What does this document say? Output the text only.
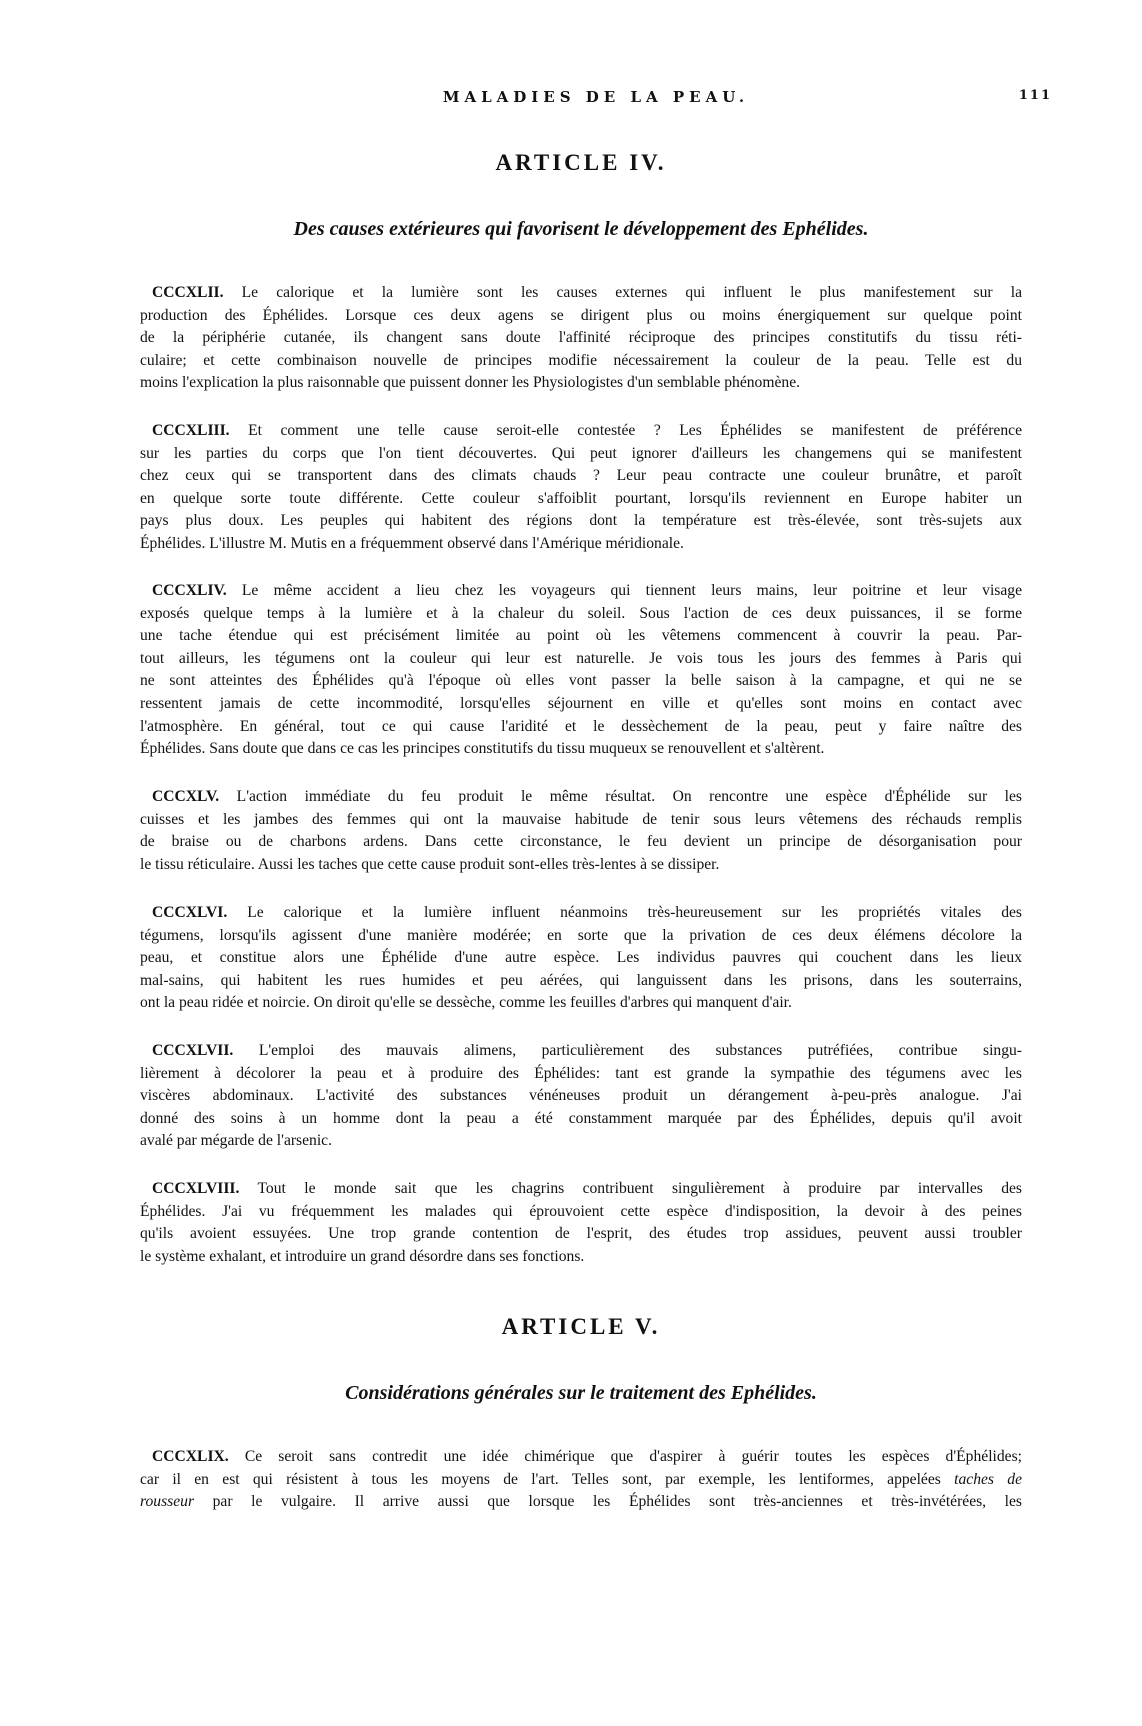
MALADIES DE LA PEAU.	111
ARTICLE IV.
Des causes extérieures qui favorisent le développement des Ephélides.
CCCXLII. Le calorique et la lumière sont les causes externes qui influent le plus manifestement sur la
production des Éphélides. Lorsque ces deux agens se dirigent plus ou moins énergiquement sur quelque point
de la périphérie cutanée, ils changent sans doute l'affinité réciproque des principes constitutifs du tissu réti-
culaire; et cette combinaison nouvelle de principes modifie nécessairement la couleur de la peau. Telle est du
moins l'explication la plus raisonnable que puissent donner les Physiologistes d'un semblable phénomène.
CCCXLIII. Et comment une telle cause seroit-elle contestée ? Les Éphélides se manifestent de préférence
sur les parties du corps que l'on tient découvertes. Qui peut ignorer d'ailleurs les changemens qui se manifestent
chez ceux qui se transportent dans des climats chauds ? Leur peau contracte une couleur brunâtre, et paroît
en quelque sorte toute différente. Cette couleur s'affoiblit pourtant, lorsqu'ils reviennent en Europe habiter un
pays plus doux. Les peuples qui habitent des régions dont la température est très-élevée, sont très-sujets aux
Éphélides. L'illustre M. Mutis en a fréquemment observé dans l'Amérique méridionale.
CCCXLIV. Le même accident a lieu chez les voyageurs qui tiennent leurs mains, leur poitrine et leur visage
exposés quelque temps à la lumière et à la chaleur du soleil. Sous l'action de ces deux puissances, il se forme
une tache étendue qui est précisément limitée au point où les vêtemens commencent à couvrir la peau. Par-
tout ailleurs, les tégumens ont la couleur qui leur est naturelle. Je vois tous les jours des femmes à Paris qui
ne sont atteintes des Éphélides qu'à l'époque où elles vont passer la belle saison à la campagne, et qui ne se
ressentent jamais de cette incommodité, lorsqu'elles séjournent en ville et qu'elles sont moins en contact avec
l'atmosphère. En général, tout ce qui cause l'aridité et le dessèchement de la peau, peut y faire naître des
Éphélides. Sans doute que dans ce cas les principes constitutifs du tissu muqueux se renouvellent et s'altèrent.
CCCXLV. L'action immédiate du feu produit le même résultat. On rencontre une espèce d'Éphélide sur les
cuisses et les jambes des femmes qui ont la mauvaise habitude de tenir sous leurs vêtemens des réchauds remplis
de braise ou de charbons ardens. Dans cette circonstance, le feu devient un principe de désorganisation pour
le tissu réticulaire. Aussi les taches que cette cause produit sont-elles très-lentes à se dissiper.
CCCXLVI. Le calorique et la lumière influent néanmoins très-heureusement sur les propriétés vitales des
tégumens, lorsqu'ils agissent d'une manière modérée; en sorte que la privation de ces deux élémens décolore la
peau, et constitue alors une Éphélide d'une autre espèce. Les individus pauvres qui couchent dans les lieux
mal-sains, qui habitent les rues humides et peu aérées, qui languissent dans les prisons, dans les souterrains,
ont la peau ridée et noircie. On diroit qu'elle se dessèche, comme les feuilles d'arbres qui manquent d'air.
CCCXLVII. L'emploi des mauvais alimens, particulièrement des substances putréfiées, contribue singu-
lièrement à décolorer la peau et à produire des Éphélides: tant est grande la sympathie des tégumens avec les
viscères abdominaux. L'activité des substances vénéneuses produit un dérangement à-peu-près analogue. J'ai
donné des soins à un homme dont la peau a été constamment marquée par des Éphélides, depuis qu'il avoit
avalé par mégarde de l'arsenic.
CCCXLVIII. Tout le monde sait que les chagrins contribuent singulièrement à produire par intervalles des
Éphélides. J'ai vu fréquemment les malades qui éprouvoient cette espèce d'indisposition, la devoir à des peines
qu'ils avoient essuyées. Une trop grande contention de l'esprit, des études trop assidues, peuvent aussi troubler
le système exhalant, et introduire un grand désordre dans ses fonctions.
ARTICLE V.
Considérations générales sur le traitement des Ephélides.
CCCXLIX. Ce seroit sans contredit une idée chimérique que d'aspirer à guérir toutes les espèces d'Éphélides;
car il en est qui résistent à tous les moyens de l'art. Telles sont, par exemple, les lentiformes, appelées taches de
rousseur par le vulgaire. Il arrive aussi que lorsque les Éphélides sont très-anciennes et très-invétérées, les
